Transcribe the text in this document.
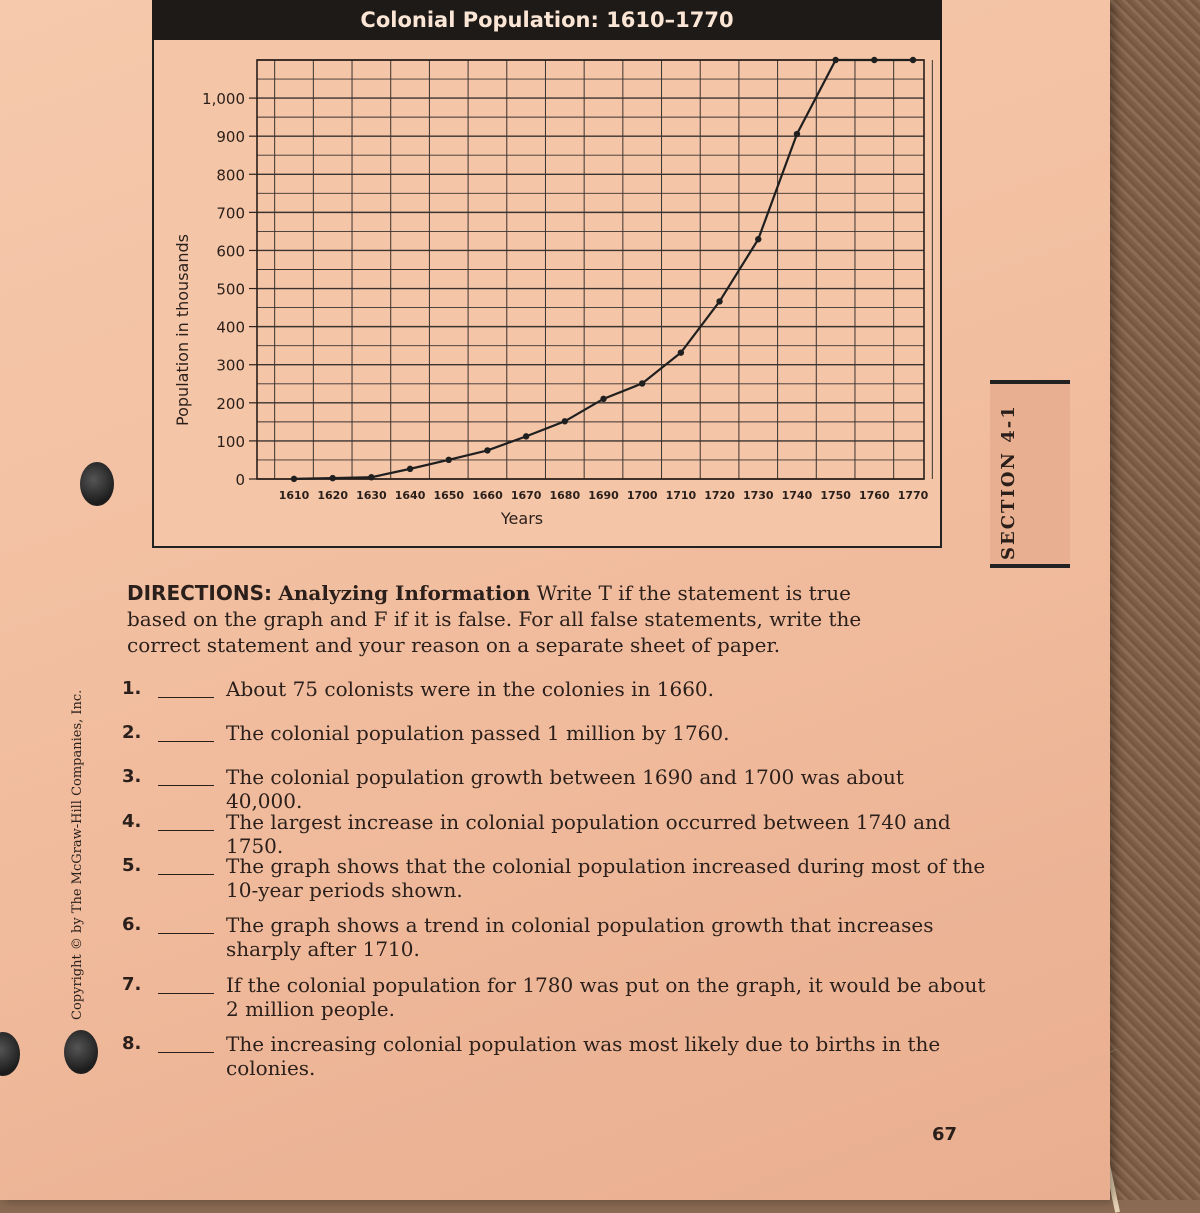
Colonial Population: 1610–1770
0
100
200
300
400
500
600
700
800
900
1,000
1610 1620 1630 1640 1650 1660 1670 1680 1690 1700 1710 1720 1730 1740 1750 1760 1770
Population in thousands
Years	SECTION 4-1
Copyright © by The McGraw-Hill Companies, Inc.
DIRECTIONS: Analyzing Information Write T if the statement is true
based on the graph and F if it is false. For all false statements, write the
correct statement and your reason on a separate sheet of paper.
1.	About 75 colonists were in the colonies in 1660.
2.	The colonial population passed 1 million by 1760.
3.	The colonial population growth between 1690 and 1700 was about 40,000.
4.	The largest increase in colonial population occurred between 1740 and 1750.
5.	The graph shows that the colonial population increased during most of the 10-year periods shown.
6.	The graph shows a trend in colonial population growth that increases sharply after 1710.
7.	If the colonial population for 1780 was put on the graph, it would be about 2 million people.
8.	The increasing colonial population was most likely due to births in the colonies.
67
